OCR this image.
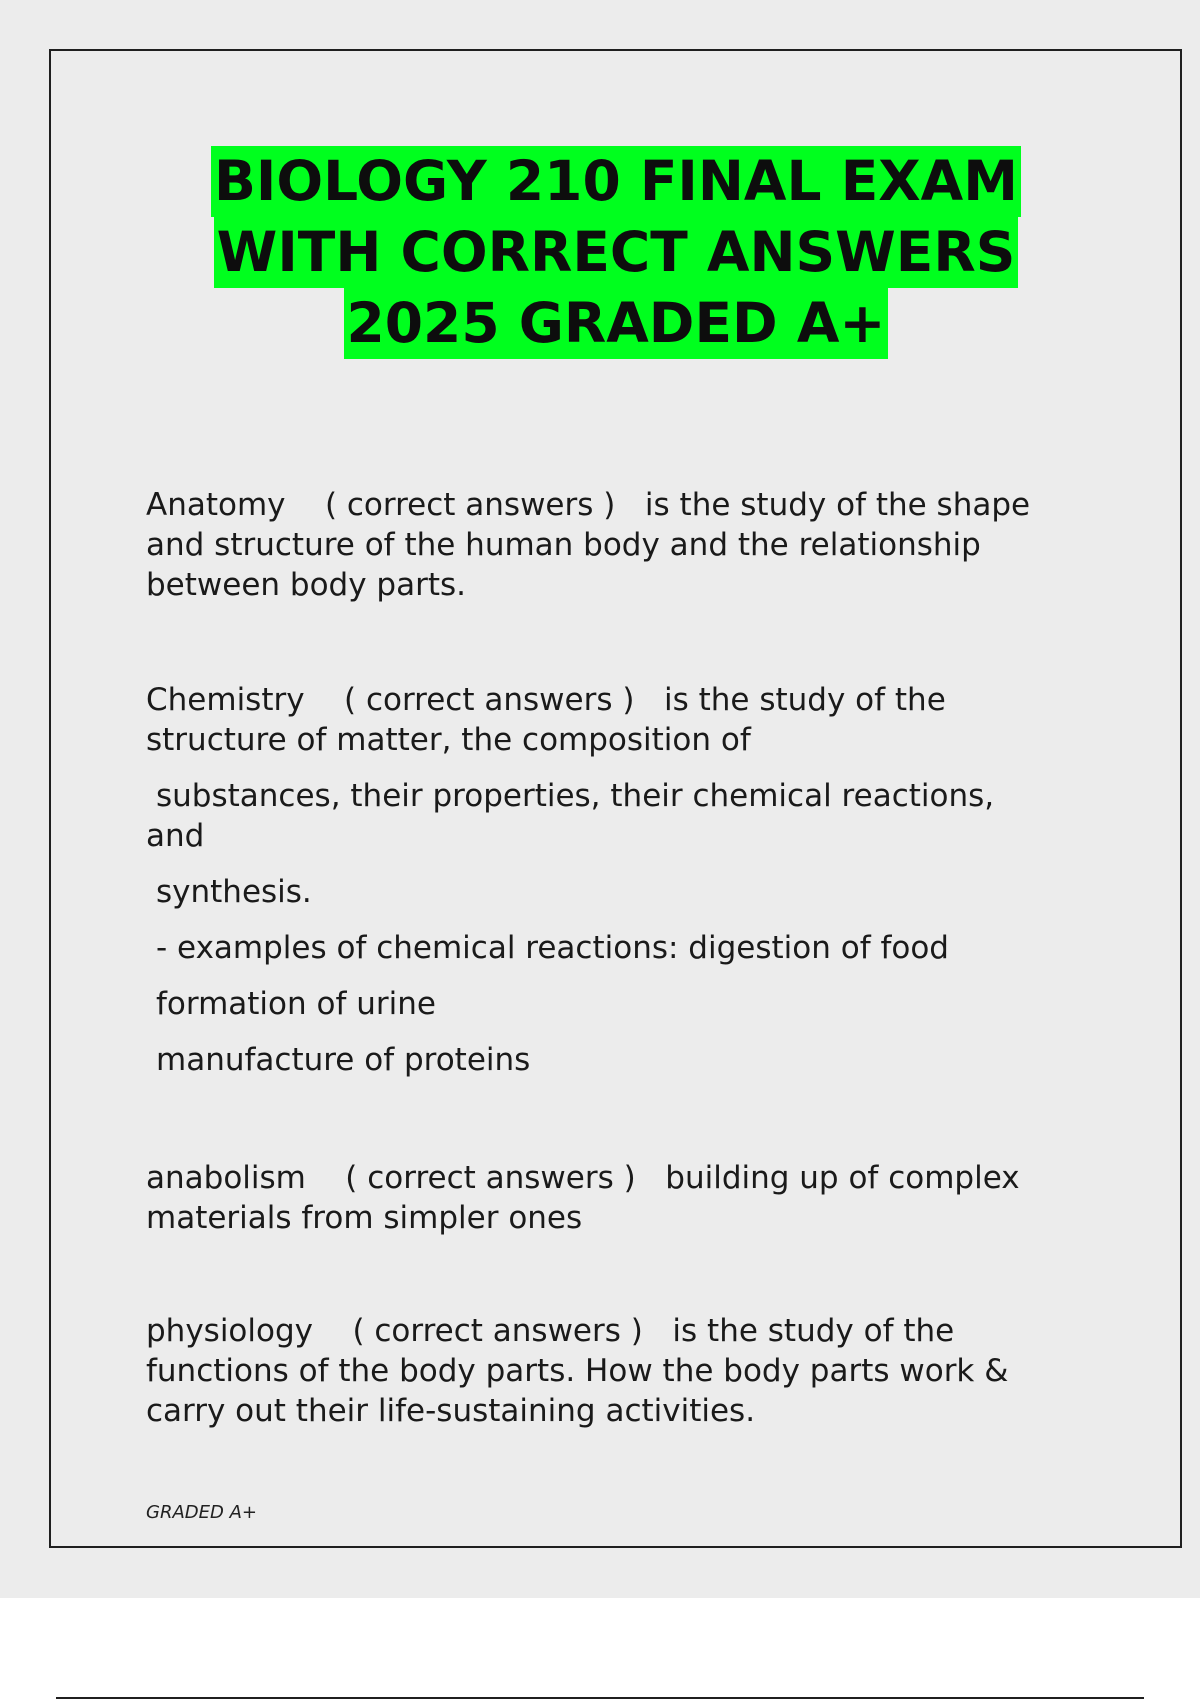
BIOLOGY 210 FINAL EXAM
WITH CORRECT ANSWERS
2025 GRADED A+
Anatomy ( correct answers ) is the study of the shape
and structure of the human body and the relationship
between body parts.
Chemistry ( correct answers ) is the study of the
structure of matter, the composition of
substances, their properties, their chemical reactions,
and
synthesis.
- examples of chemical reactions: digestion of food
formation of urine
manufacture of proteins
anabolism ( correct answers ) building up of complex
materials from simpler ones
physiology ( correct answers ) is the study of the
functions of the body parts. How the body parts work &
carry out their life-sustaining activities.
GRADED A+
